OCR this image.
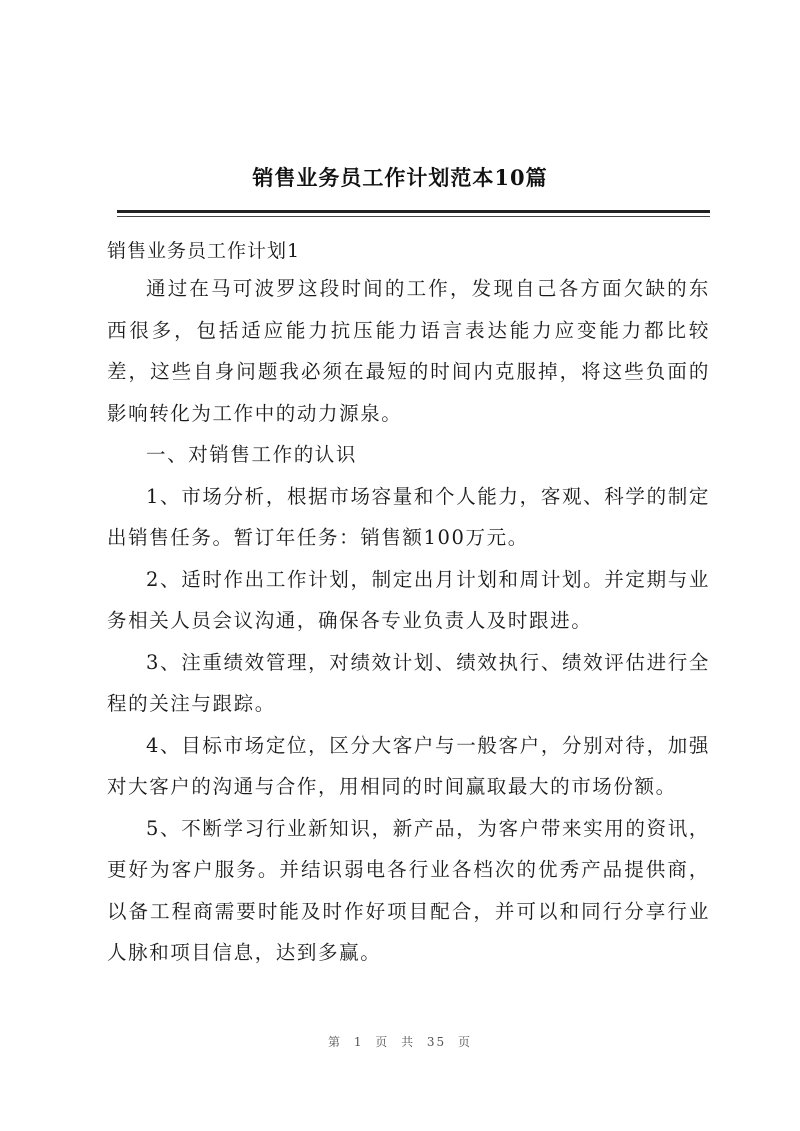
销售业务员工作计划范本10篇
销售业务员工作计划1

通过在马可波罗这段时间的工作，发现自己各方面欠缺的东西很多，包括适应能力抗压能力语言表达能力应变能力都比较差，这些自身问题我必须在最短的时间内克服掉，将这些负面的影响转化为工作中的动力源泉。

一、对销售工作的认识

1、市场分析，根据市场容量和个人能力，客观、科学的制定出销售任务。暂订年任务：销售额100万元。

2、适时作出工作计划，制定出月计划和周计划。并定期与业务相关人员会议沟通，确保各专业负责人及时跟进。

3、注重绩效管理，对绩效计划、绩效执行、绩效评估进行全程的关注与跟踪。

4、目标市场定位，区分大客户与一般客户，分别对待，加强对大客户的沟通与合作，用相同的时间赢取最大的市场份额。

5、不断学习行业新知识，新产品，为客户带来实用的资讯，更好为客户服务。并结识弱电各行业各档次的优秀产品提供商，以备工程商需要时能及时作好项目配合，并可以和同行分享行业人脉和项目信息，达到多赢。

第 1 页 共 35 页
